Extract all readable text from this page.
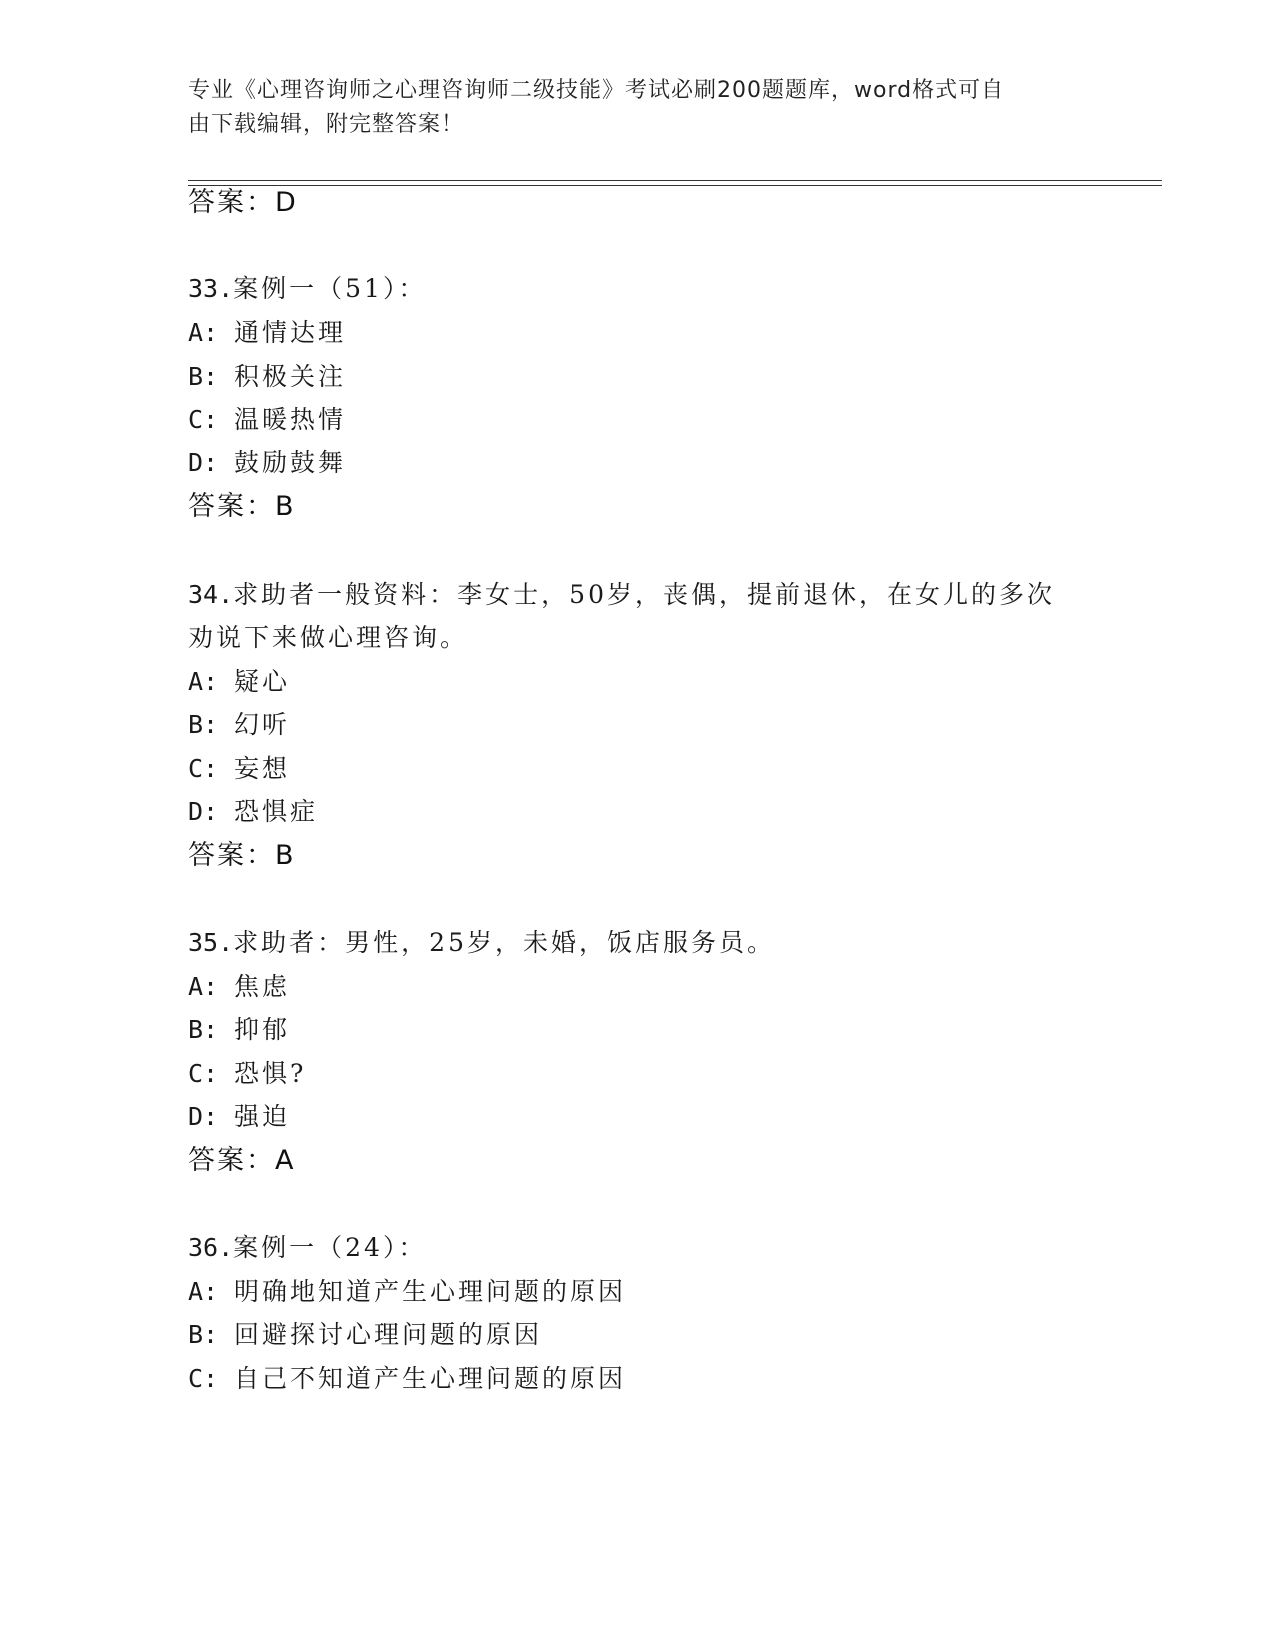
专业《心理咨询师之心理咨询师二级技能》考试必刷200题题库，word格式可自
由下载编辑，附完整答案！
答案：D
33.案例一（51）：
A: 通情达理
B: 积极关注
C: 温暖热情
D: 鼓励鼓舞
答案：B
34.求助者一般资料：李女士，50岁，丧偶，提前退休，在女儿的多次
劝说下来做心理咨询。
A: 疑心
B: 幻听
C: 妄想
D: 恐惧症
答案：B
35.求助者：男性，25岁，未婚，饭店服务员。
A: 焦虑
B: 抑郁
C: 恐惧?
D: 强迫
答案：A
36.案例一（24）：
A: 明确地知道产生心理问题的原因
B: 回避探讨心理问题的原因
C: 自己不知道产生心理问题的原因
